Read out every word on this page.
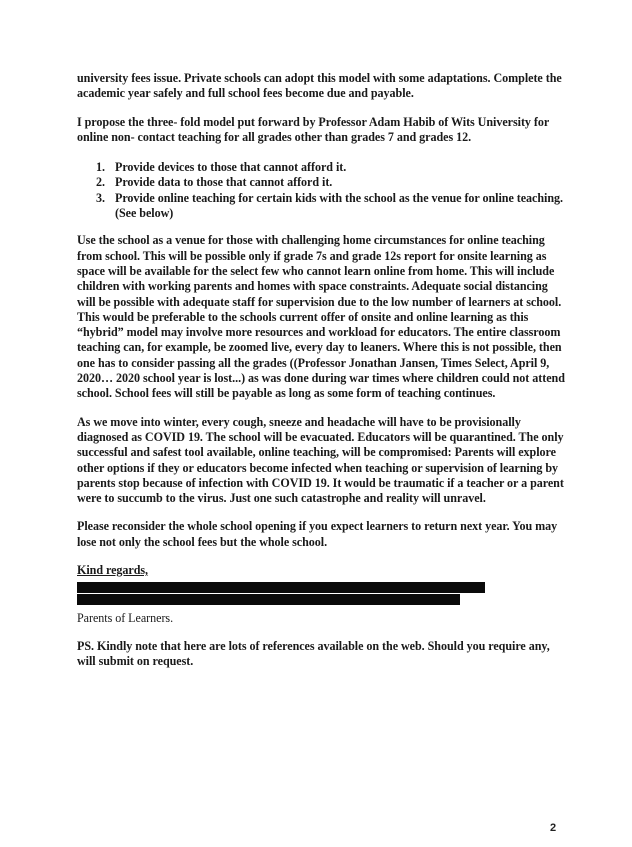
university fees issue. Private schools can adopt this model with some adaptations. Complete the academic year safely and full school fees become due and payable.

I propose the three- fold model put forward by Professor Adam Habib of Wits University for online non- contact teaching for all grades other than grades 7 and grades 12.

1. Provide devices to those that cannot afford it.
2. Provide data to those that cannot afford it.
3. Provide online teaching for certain kids with the school as the venue for online teaching. (See below)

Use the school as a venue for those with challenging home circumstances for online teaching from school. This will be possible only if grade 7s and grade 12s report for onsite learning as space will be available for the select few who cannot learn online from home. This will include children with working parents and homes with space constraints. Adequate social distancing will be possible with adequate staff for supervision due to the low number of learners at school. This would be preferable to the schools current offer of onsite and online learning as this “hybrid” model may involve more resources and workload for educators. The entire classroom teaching can, for example, be zoomed live, every day to leaners. Where this is not possible, then one has to consider passing all the grades ((Professor Jonathan Jansen, Times Select, April 9, 2020… 2020 school year is lost...) as was done during war times where children could not attend school. School fees will still be payable as long as some form of teaching continues.

As we move into winter, every cough, sneeze and headache will have to be provisionally diagnosed as COVID 19. The school will be evacuated. Educators will be quarantined. The only successful and safest tool available, online teaching, will be compromised: Parents will explore other options if they or educators become infected when teaching or supervision of learning by parents stop because of infection with COVID 19. It would be traumatic if a teacher or a parent were to succumb to the virus. Just one such catastrophe and reality will unravel.

Please reconsider the whole school opening if you expect learners to return next year. You may lose not only the school fees but the whole school.

Kind regards,

Parents of Learners.

PS. Kindly note that here are lots of references available on the web. Should you require any, will submit on request.

2
